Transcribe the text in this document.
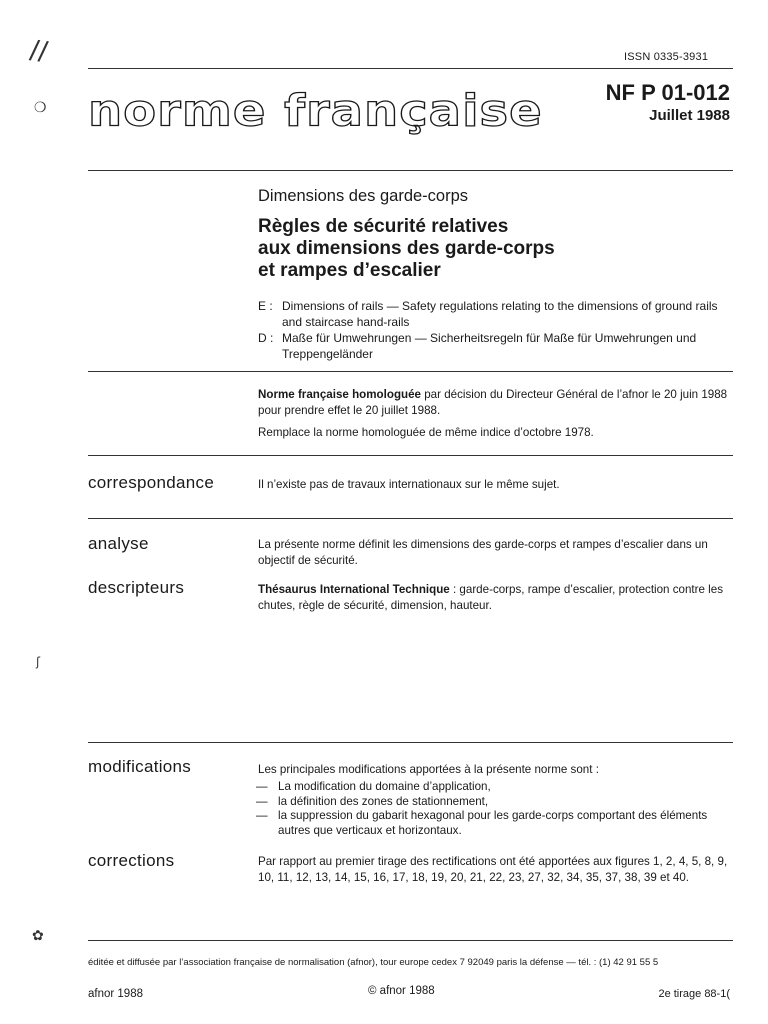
//
❍
ʃ
✿
ISSN 0335-3931
norme française	NF P 01-012
Juillet 1988
Dimensions des garde-corps
Règles de sécurité relatives
aux dimensions des garde-corps
et rampes d’escalier
E : Dimensions of rails — Safety regulations relating to the dimensions of ground rails and staircase hand-rails
D : Maße für Umwehrungen — Sicherheitsregeln für Maße für Umwehrungen und Treppengeländer
Norme française homologuée par décision du Directeur Général de l’afnor le 20 juin 1988 pour prendre effet le 20 juillet 1988.
Remplace la norme homologuée de même indice d’octobre 1978.
correspondance	Il n’existe pas de travaux internationaux sur le même sujet.
analyse	La présente norme définit les dimensions des garde-corps et rampes d’escalier dans un objectif de sécurité.
descripteurs	Thésaurus International Technique : garde-corps, rampe d’escalier, protection contre les chutes, règle de sécurité, dimension, hauteur.
modifications	Les principales modifications apportées à la présente norme sont :
— La modification du domaine d’application,
— la définition des zones de stationnement,
— la suppression du gabarit hexagonal pour les garde-corps comportant des éléments autres que verticaux et horizontaux.
corrections	Par rapport au premier tirage des rectifications ont été apportées aux figures 1, 2, 4, 5, 8, 9, 10, 11, 12, 13, 14, 15, 16, 17, 18, 19, 20, 21, 22, 23, 27, 32, 34, 35, 37, 38, 39 et 40.
éditée et diffusée par l’association française de normalisation (afnor), tour europe cedex 7 92049 paris la défense — tél. : (1) 42 91 55 5
afnor 1988	© afnor 1988	2e tirage 88-1(
